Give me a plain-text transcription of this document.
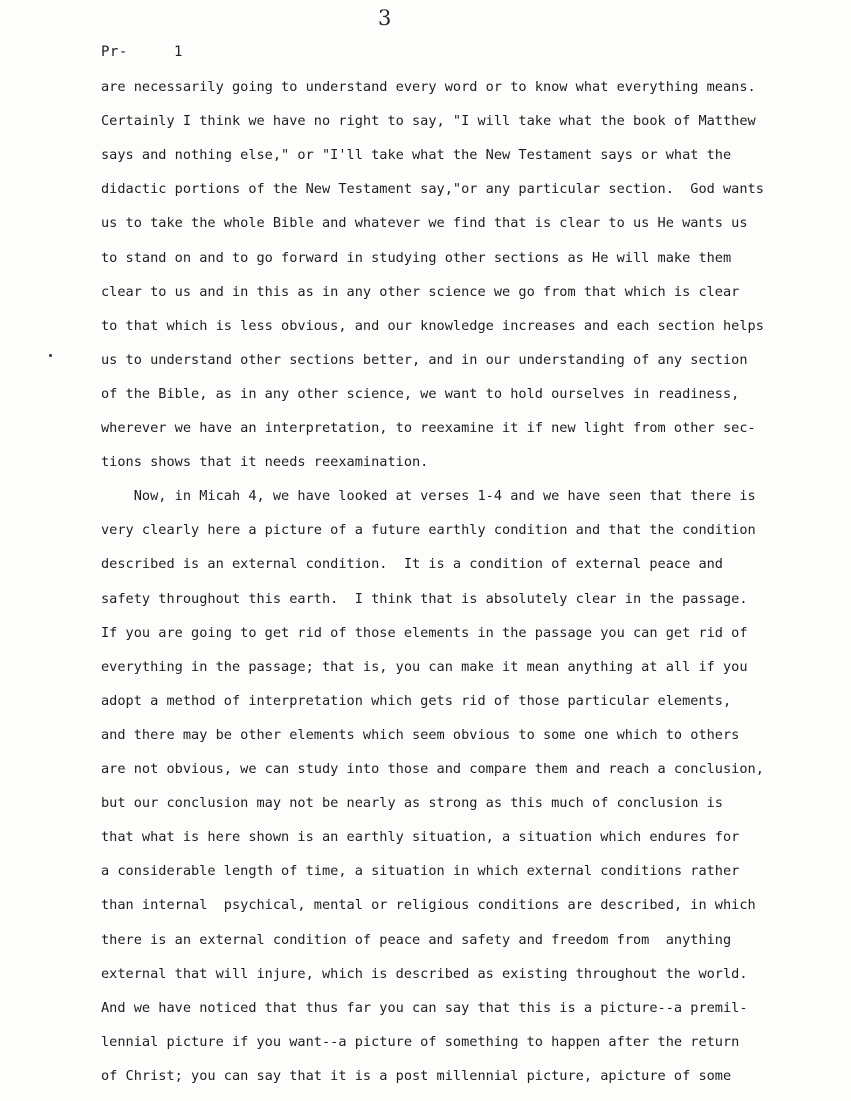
3
Pr-	1
are necessarily going to understand every word or to know what everything means.
Certainly I think we have no right to say, "I will take what the book of Matthew
says and nothing else," or "I'll take what the New Testament says or what the
didactic portions of the New Testament say,"or any particular section.  God wants
us to take the whole Bible and whatever we find that is clear to us He wants us
to stand on and to go forward in studying other sections as He will make them
clear to us and in this as in any other science we go from that which is clear
to that which is less obvious, and our knowledge increases and each section helps
us to understand other sections better, and in our understanding of any section
of the Bible, as in any other science, we want to hold ourselves in readiness,
wherever we have an interpretation, to reexamine it if new light from other sec-
tions shows that it needs reexamination.
Now, in Micah 4, we have looked at verses 1-4 and we have seen that there is
very clearly here a picture of a future earthly condition and that the condition
described is an external condition.  It is a condition of external peace and
safety throughout this earth.  I think that is absolutely clear in the passage.
If you are going to get rid of those elements in the passage you can get rid of
everything in the passage; that is, you can make it mean anything at all if you
adopt a method of interpretation which gets rid of those particular elements,
and there may be other elements which seem obvious to some one which to others
are not obvious, we can study into those and compare them and reach a conclusion,
but our conclusion may not be nearly as strong as this much of conclusion is
that what is here shown is an earthly situation, a situation which endures for
a considerable length of time, a situation in which external conditions rather
than internal  psychical, mental or religious conditions are described, in which
there is an external condition of peace and safety and freedom from  anything
external that will injure, which is described as existing throughout the world.
And we have noticed that thus far you can say that this is a picture--a premil-
lennial picture if you want--a picture of something to happen after the return
of Christ; you can say that it is a post millennial picture, apicture of some
